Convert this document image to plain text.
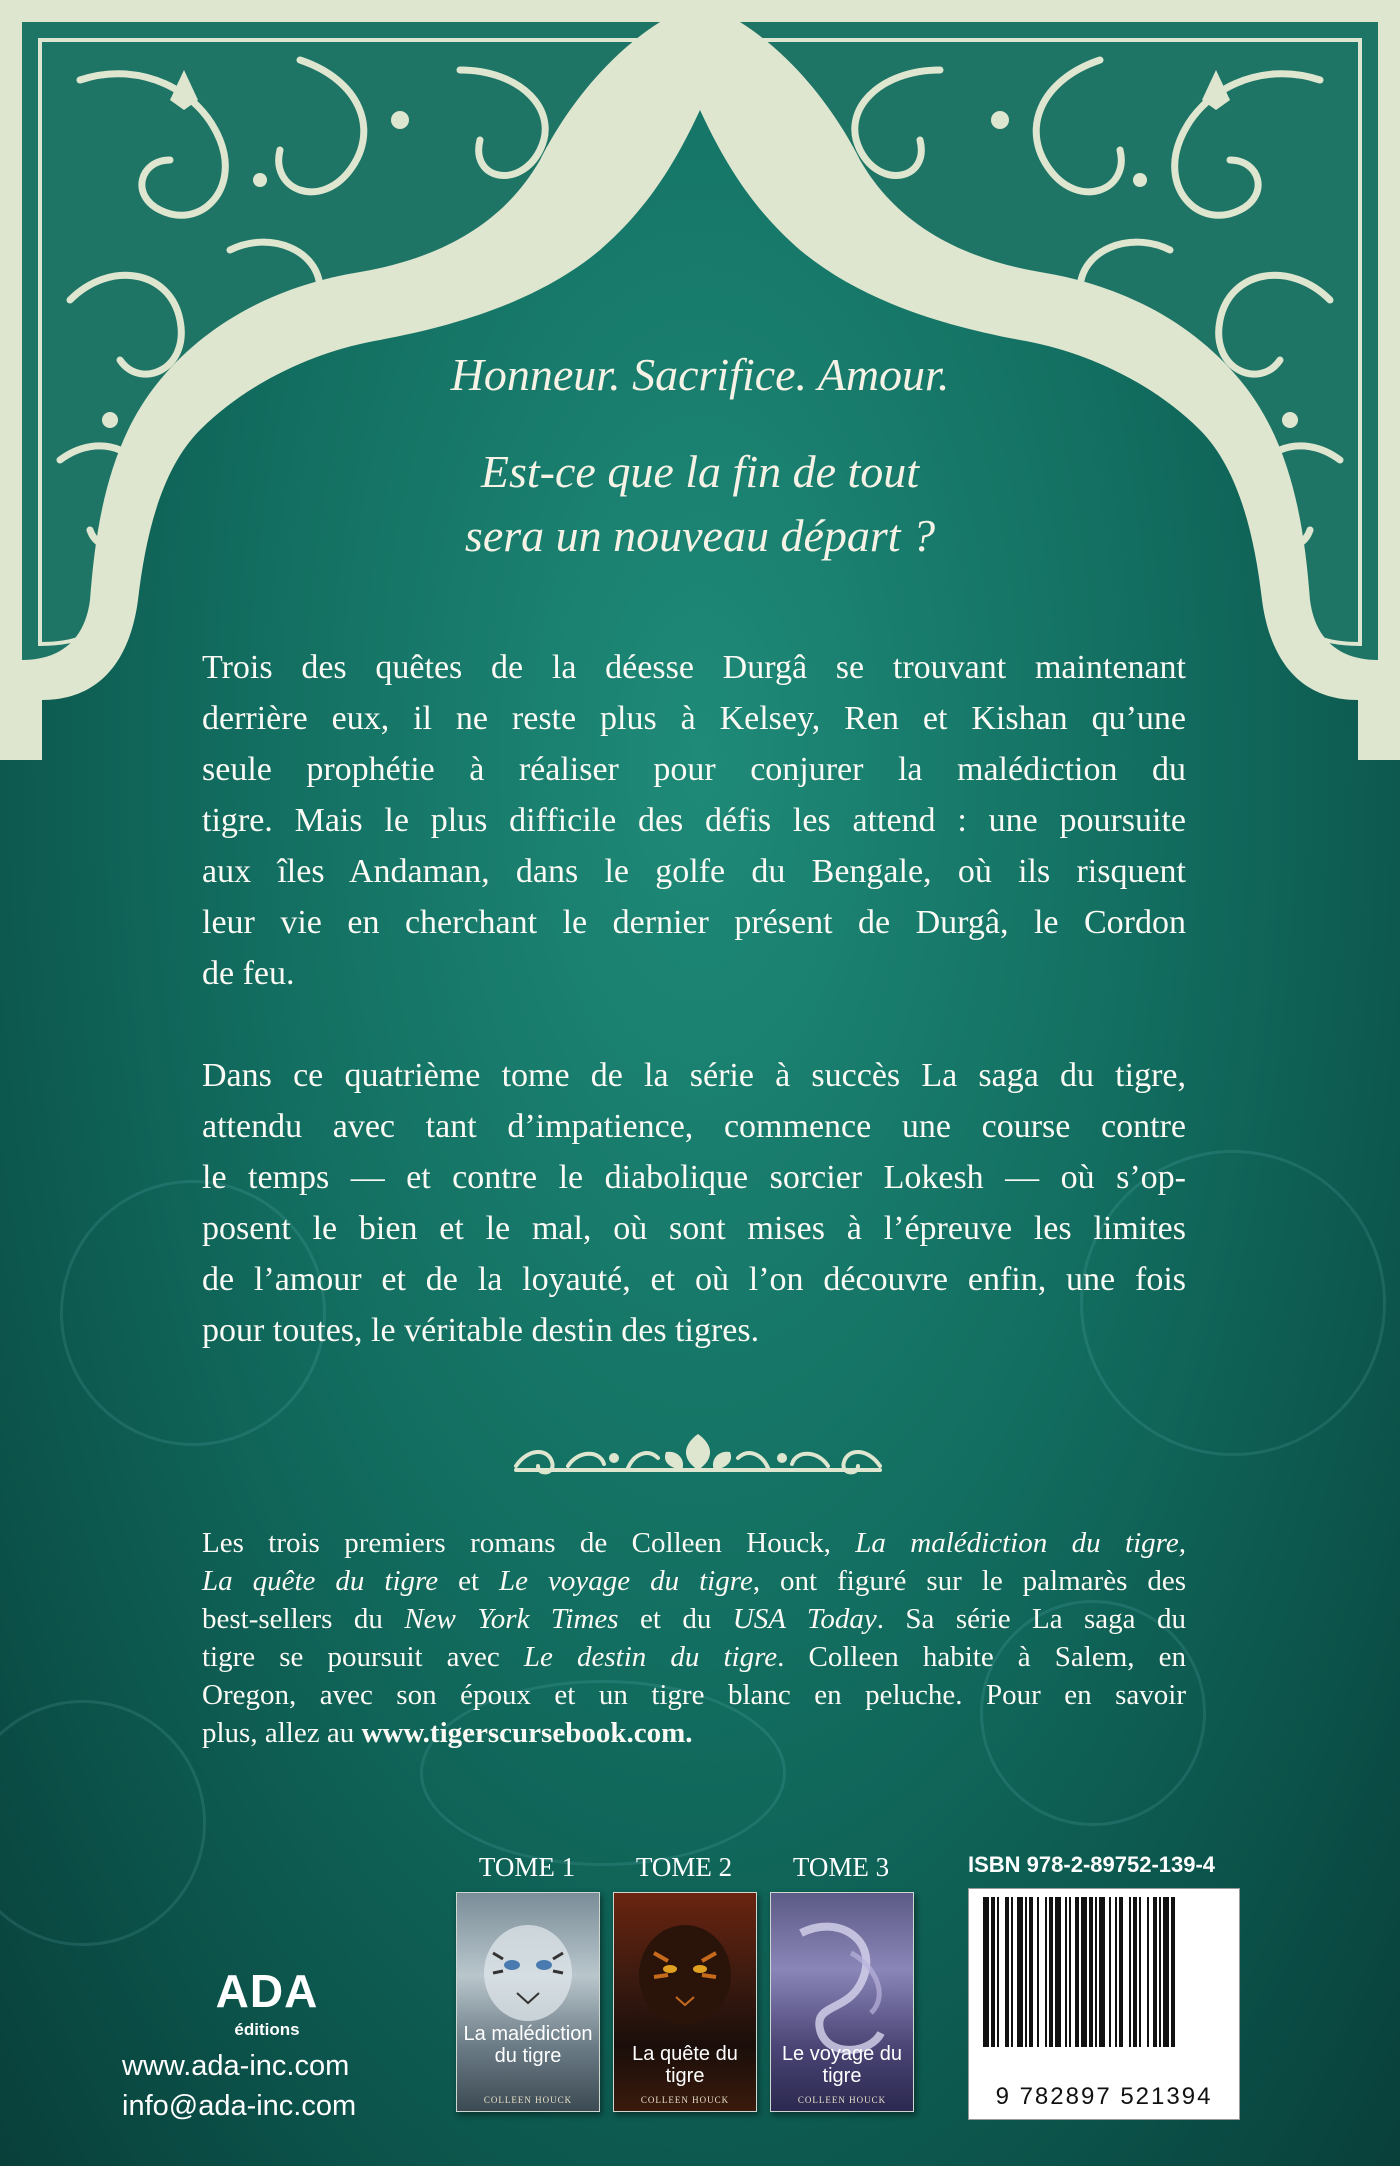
Honneur. Sacrifice. Amour.

Est-ce que la fin de tout
sera un nouveau départ ?
Trois des quêtes de la déesse Durgâ se trouvant maintenant
derrière eux, il ne reste plus à Kelsey, Ren et Kishan qu’une
seule prophétie à réaliser pour conjurer la malédiction du
tigre. Mais le plus difficile des défis les attend : une poursuite
aux îles Andaman, dans le golfe du Bengale, où ils risquent
leur vie en cherchant le dernier présent de Durgâ, le Cordon
de feu.
Dans ce quatrième tome de la série à succès La saga du tigre,
attendu avec tant d’impatience, commence une course contre
le temps — et contre le diabolique sorcier Lokesh — où s’op-
posent le bien et le mal, où sont mises à l’épreuve les limites
de l’amour et de la loyauté, et où l’on découvre enfin, une fois
pour toutes, le véritable destin des tigres.
Les trois premiers romans de Colleen Houck, La malédiction du tigre,
La quête du tigre et Le voyage du tigre, ont figuré sur le palmarès des
best-sellers du New York Times et du USA Today. Sa série La saga du
tigre se poursuit avec Le destin du tigre. Colleen habite à Salem, en
Oregon, avec son époux et un tigre blanc en peluche. Pour en savoir
plus, allez au www.tigerscursebook.com.
TOME 1	TOME 2	TOME 3
La malédiction
du tigre
COLLEEN HOUCK
La quête du tigre
COLLEEN HOUCK
Le voyage du tigre
COLLEEN HOUCK
ISBN 978-2-89752-139-4
9 782897 521394
ADA
éditions
www.ada-inc.com
info@ada-inc.com
